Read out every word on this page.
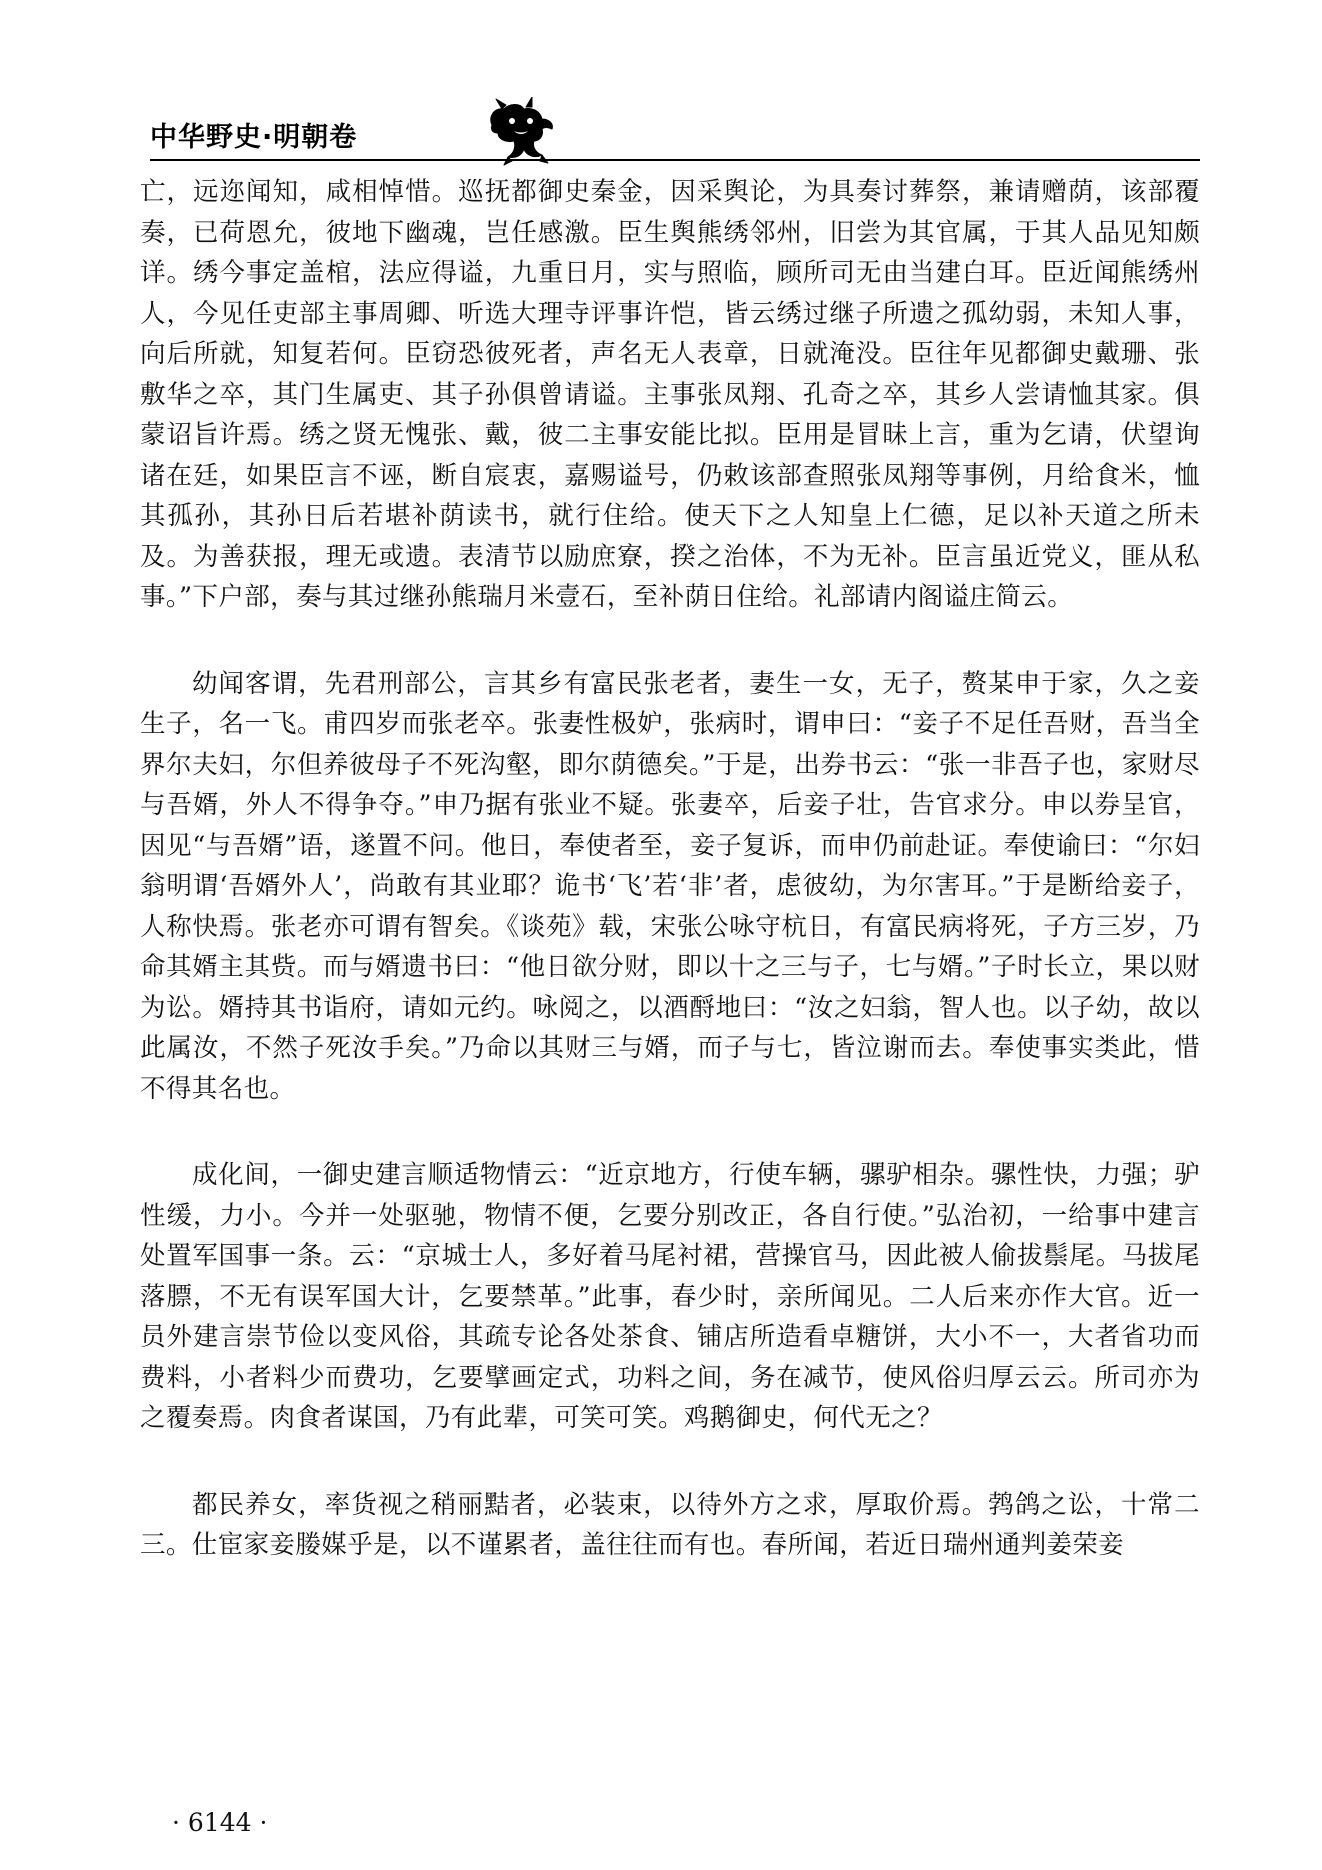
中华野史·明朝卷

亡，远迩闻知，咸相悼惜。巡抚都御史秦金，因采舆论，为具奏讨葬祭，兼请赠荫，该部覆奏，已荷恩允，彼地下幽魂，岂任感激。臣生舆熊绣邻州，旧尝为其官属，于其人品见知颇详。绣今事定盖棺，法应得谥，九重日月，实与照临，顾所司无由当建白耳。臣近闻熊绣州人，今见任吏部主事周卿、听选大理寺评事许恺，皆云绣过继子所遗之孤幼弱，未知人事，向后所就，知复若何。臣窃恐彼死者，声名无人表章，日就淹没。臣往年见都御史戴珊、张敷华之卒，其门生属吏、其子孙俱曾请谥。主事张凤翔、孔奇之卒，其乡人尝请恤其家。俱蒙诏旨许焉。绣之贤无愧张、戴，彼二主事安能比拟。臣用是冒昧上言，重为乞请，伏望询诸在廷，如果臣言不诬，断自宸衷，嘉赐谥号，仍敕该部查照张凤翔等事例，月给食米，恤其孤孙，其孙日后若堪补荫读书，就行住给。使天下之人知皇上仁德，足以补天道之所未及。为善获报，理无或遗。表清节以励庶寮，揆之治体，不为无补。臣言虽近党义，匪从私事。”下户部，奏与其过继孙熊瑞月米壹石，至补荫日住给。礼部请内阁谥庄简云。

幼闻客谓，先君刑部公，言其乡有富民张老者，妻生一女，无子，赘某申于家，久之妾生子，名一飞。甫四岁而张老卒。张妻性极妒，张病时，谓申曰：“妾子不足任吾财，吾当全界尔夫妇，尔但养彼母子不死沟壑，即尔荫德矣。”于是，出券书云：“张一非吾子也，家财尽与吾婿，外人不得争夺。”申乃据有张业不疑。张妻卒，后妾子壮，告官求分。申以券呈官，因见“与吾婿”语，遂置不问。他日，奉使者至，妾子复诉，而申仍前赴证。奉使谕曰：“尔妇翁明谓‘吾婿外人’，尚敢有其业耶？诡书‘飞’若‘非’者，虑彼幼，为尔害耳。”于是断给妾子，人称快焉。张老亦可谓有智矣。《谈苑》载，宋张公咏守杭日，有富民病将死，子方三岁，乃命其婿主其赀。而与婿遗书曰：“他日欲分财，即以十之三与子，七与婿。”子时长立，果以财为讼。婿持其书诣府，请如元约。咏阅之，以酒酹地曰：“汝之妇翁，智人也。以子幼，故以此属汝，不然子死汝手矣。”乃命以其财三与婿，而子与七，皆泣谢而去。奉使事实类此，惜不得其名也。

成化间，一御史建言顺适物情云：“近京地方，行使车辆，骡驴相杂。骡性快，力强；驴性缓，力小。今并一处驱驰，物情不便，乞要分别改正，各自行使。”弘治初，一给事中建言处置军国事一条。云：“京城士人，多好着马尾衬裙，营操官马，因此被人偷拔鬃尾。马拔尾落膘，不无有误军国大计，乞要禁革。”此事，春少时，亲所闻见。二人后来亦作大官。近一员外建言崇节俭以变风俗，其疏专论各处茶食、铺店所造看卓糖饼，大小不一，大者省功而费料，小者料少而费功，乞要擘画定式，功料之间，务在减节，使风俗归厚云云。所司亦为之覆奏焉。肉食者谋国，乃有此辈，可笑可笑。鸡鹅御史，何代无之？

都民养女，率货视之稍丽黠者，必装束，以待外方之求，厚取价焉。鹁鸽之讼，十常二三。仕宦家妾媵媒乎是，以不谨累者，盖往往而有也。春所闻，若近日瑞州通判姜荣妾

· 6144 ·
